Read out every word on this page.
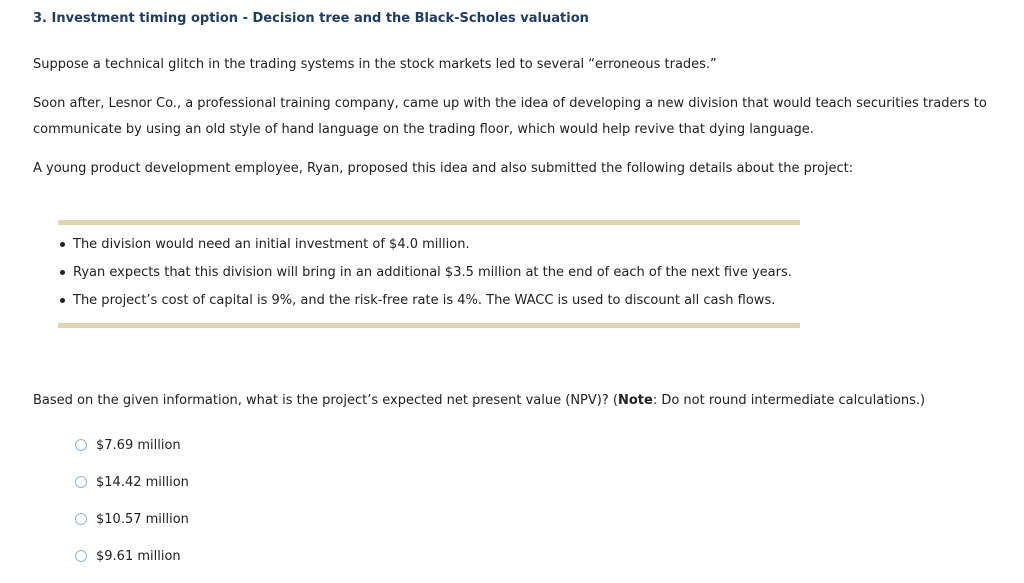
3. Investment timing option - Decision tree and the Black-Scholes valuation
Suppose a technical glitch in the trading systems in the stock markets led to several “erroneous trades.”
Soon after, Lesnor Co., a professional training company, came up with the idea of developing a new division that would teach securities traders to
communicate by using an old style of hand language on the trading floor, which would help revive that dying language.
A young product development employee, Ryan, proposed this idea and also submitted the following details about the project:
The division would need an initial investment of $4.0 million.
Ryan expects that this division will bring in an additional $3.5 million at the end of each of the next five years.
The project’s cost of capital is 9%, and the risk-free rate is 4%. The WACC is used to discount all cash flows.
Based on the given information, what is the project’s expected net present value (NPV)? (Note: Do not round intermediate calculations.)
$7.69 million
$14.42 million
$10.57 million
$9.61 million
